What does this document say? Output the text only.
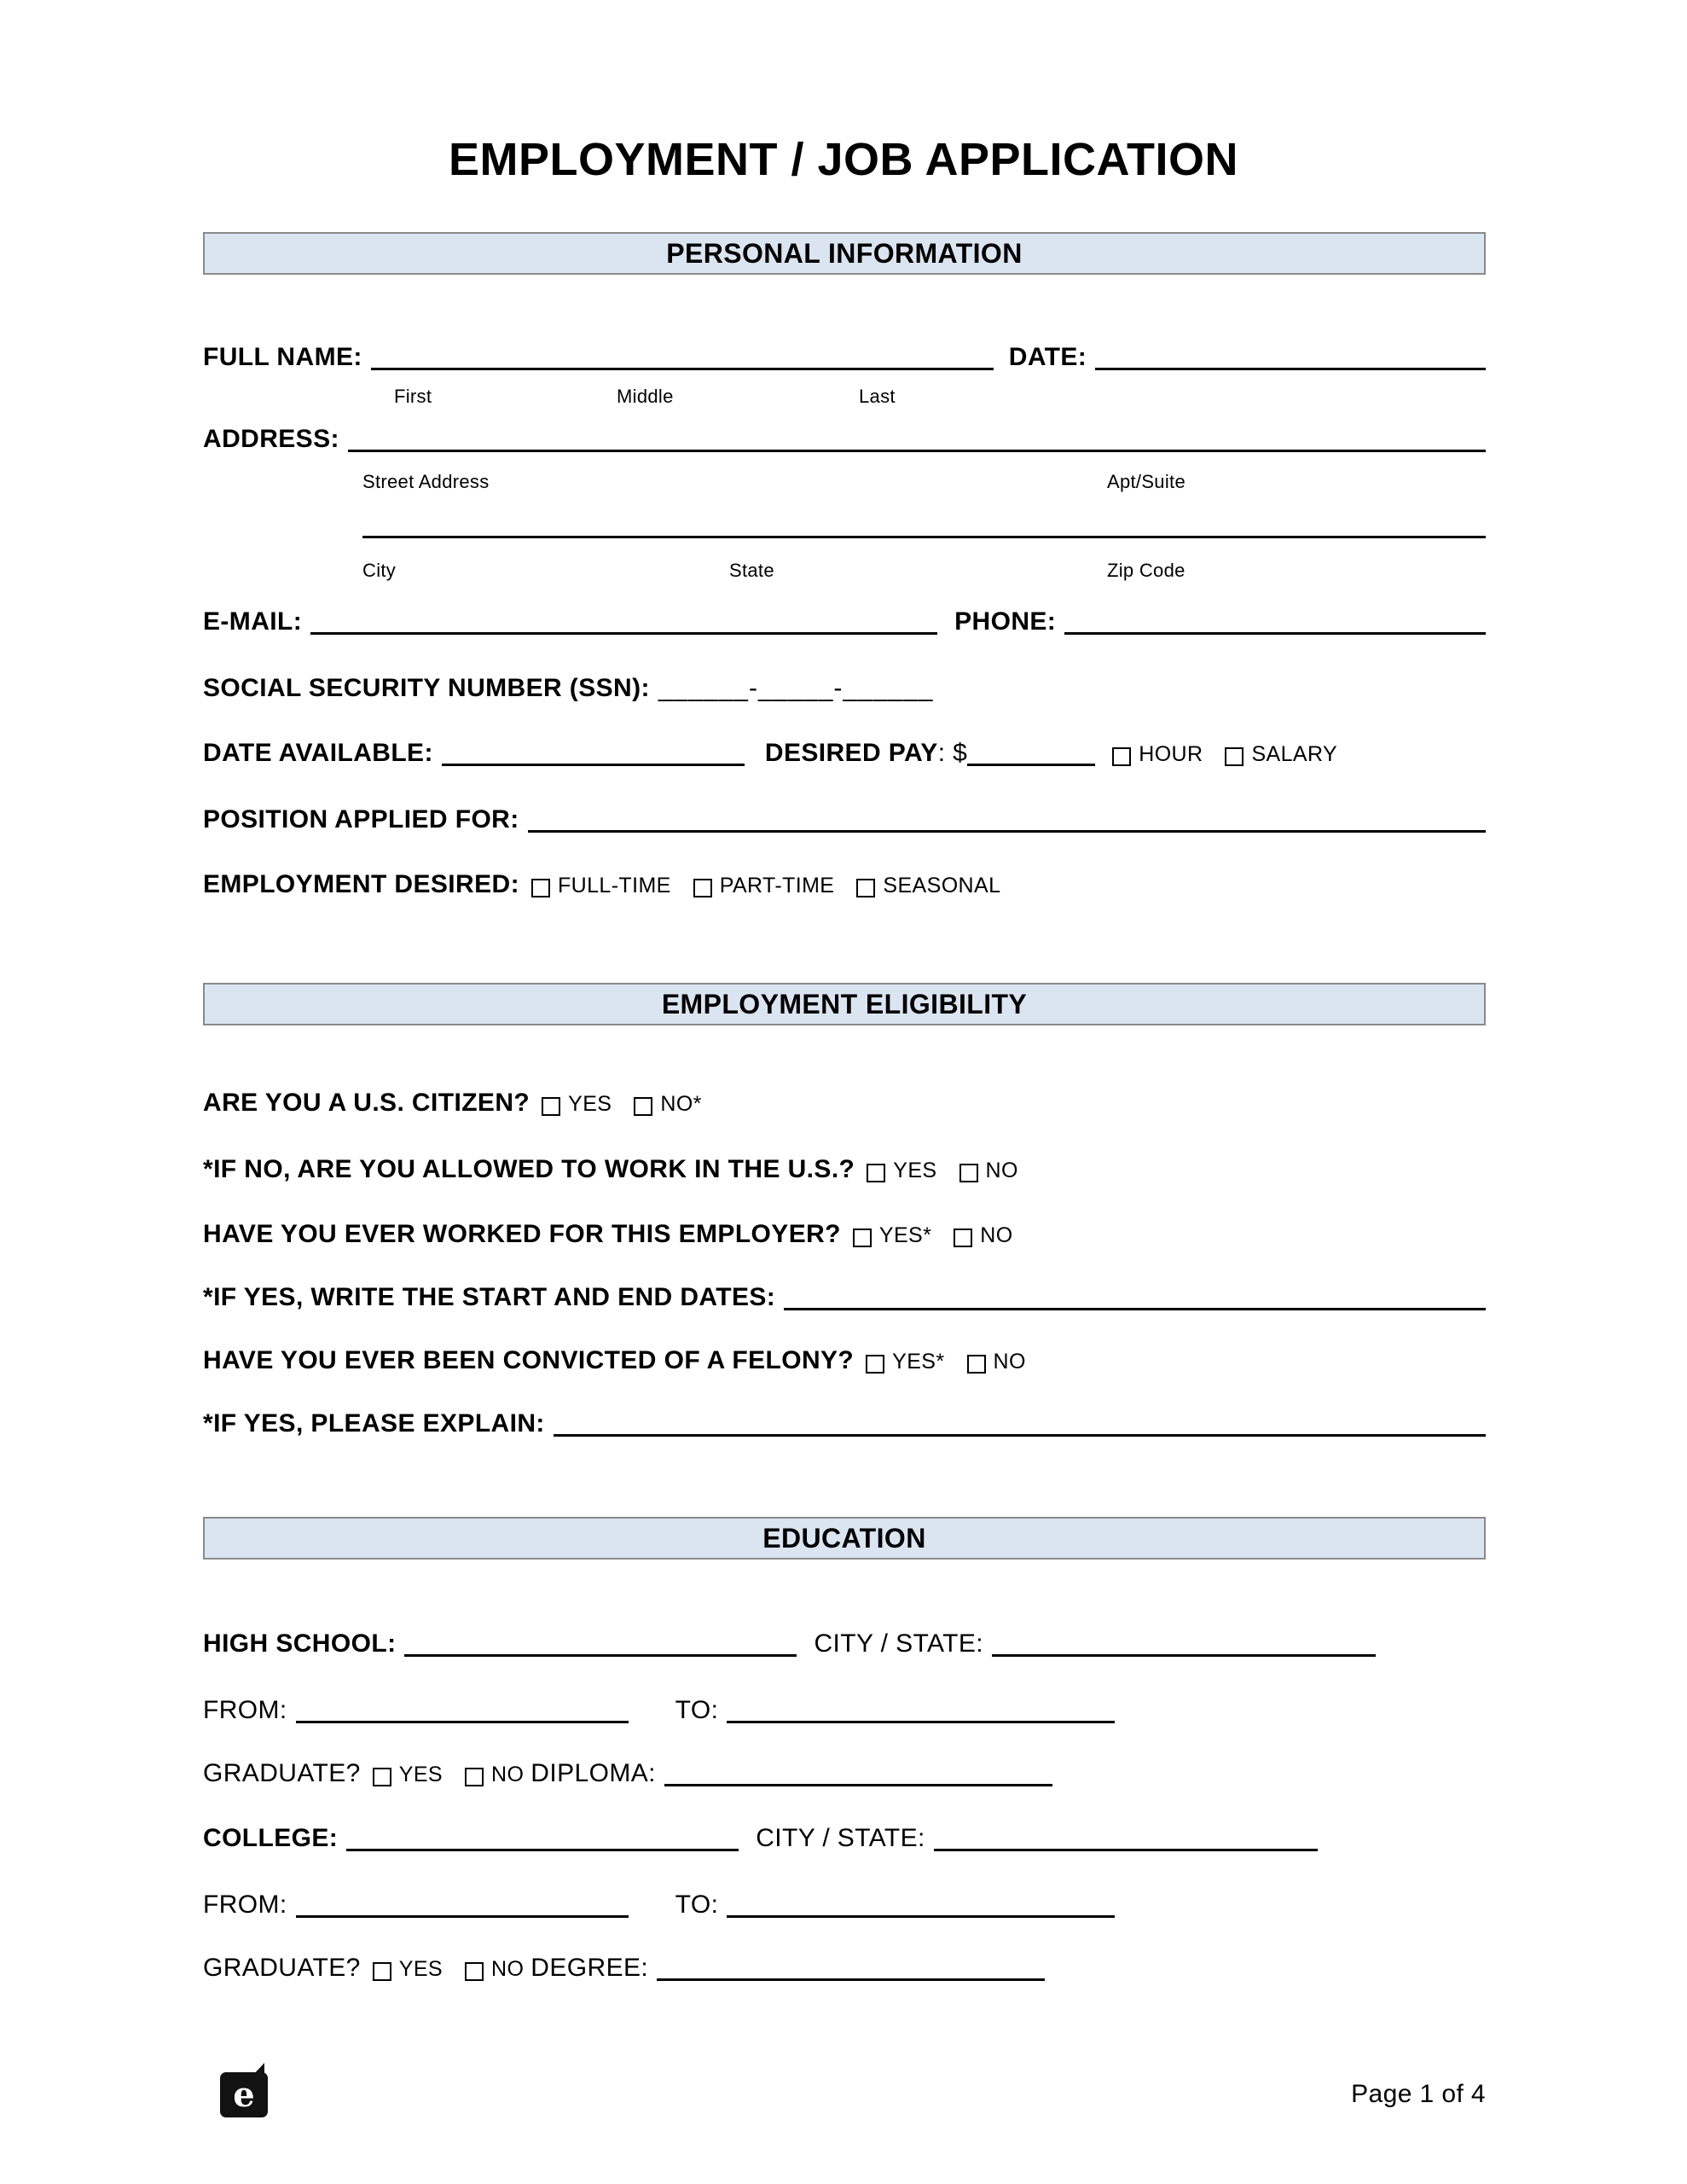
EMPLOYMENT / JOB APPLICATION
PERSONAL INFORMATION
FULL NAME:	DATE:
First	Middle	Last
ADDRESS:
Street Address	Apt/Suite
City	State	Zip Code
E-MAIL:	PHONE:
SOCIAL SECURITY NUMBER (SSN): ______-_____-______
DATE AVAILABLE:	DESIRED PAY : $	HOUR SALARY
POSITION APPLIED FOR:
EMPLOYMENT DESIRED: FULL-TIME PART-TIME SEASONAL
EMPLOYMENT ELIGIBILITY
ARE YOU A U.S. CITIZEN? YES NO*
*IF NO, ARE YOU ALLOWED TO WORK IN THE U.S.? YES NO
HAVE YOU EVER WORKED FOR THIS EMPLOYER? YES* NO
*IF YES, WRITE THE START AND END DATES:
HAVE YOU EVER BEEN CONVICTED OF A FELONY? YES* NO
*IF YES, PLEASE EXPLAIN:
EDUCATION
HIGH SCHOOL:	CITY / STATE:
FROM:	TO:
GRADUATE? YES NO DIPLOMA:
COLLEGE:	CITY / STATE:
FROM:	TO:
GRADUATE? YES NO DEGREE:
e	Page 1 of 4
